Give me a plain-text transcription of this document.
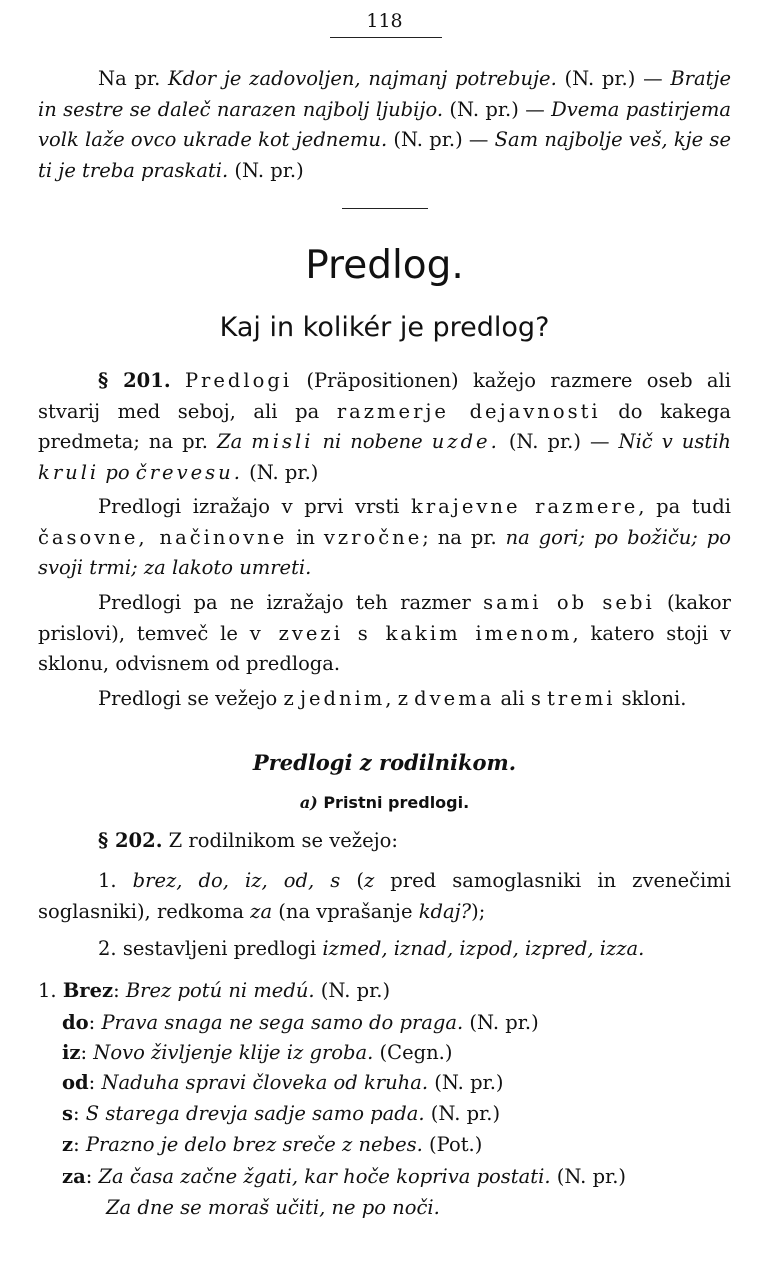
118
Na pr. Kdor je zadovoljen, najmanj potrebuje. (N. pr.) — Bratje in sestre se daleč narazen najbolj ljubijo. (N. pr.) — Dvema pastirjema volk laže ovco ukrade kot jednemu. (N. pr.) — Sam najbolje veš, kje se ti je treba praskati. (N. pr.)
Predlog.
Kaj in kolikér je predlog?
§ 201. Predlogi (Präpositionen) kažejo razmere oseb ali stvarij med seboj, ali pa razmerje dejavnosti do kakega predmeta; na pr. Za misli ni nobene uzde. (N. pr.) — Nič v ustih kruli po črevesu. (N. pr.)
Predlogi izražajo v prvi vrsti krajevne razmere, pa tudi časovne, načinovne in vzročne; na pr. na gori; po božiču; po svoji trmi; za lakoto umreti.
Predlogi pa ne izražajo teh razmer sami ob sebi (kakor prislovi), temveč le v zvezi s kakim imenom, katero stoji v sklonu, odvisnem od predloga.
Predlogi se vežejo z jednim, z dvema ali s tremi skloni.
Predlogi z rodilnikom.
a) Pristni predlogi.
§ 202. Z rodilnikom se vežejo:
1. brez, do, iz, od, s (z pred samoglasniki in zvenečimi soglasniki), redkoma za (na vprašanje kdaj?);
2. sestavljeni predlogi izmed, iznad, izpod, izpred, izza.
1. Brez: Brez potú ni medú. (N. pr.)
do: Prava snaga ne sega samo do praga. (N. pr.)
iz: Novo življenje klije iz groba. (Cegn.)
od: Naduha spravi človeka od kruha. (N. pr.)
s: S starega drevja sadje samo pada. (N. pr.)
z: Prazno je delo brez sreče z nebes. (Pot.)
za: Za časa začne žgati, kar hoče kopriva postati. (N. pr.)
Za dne se moraš učiti, ne po noči.
